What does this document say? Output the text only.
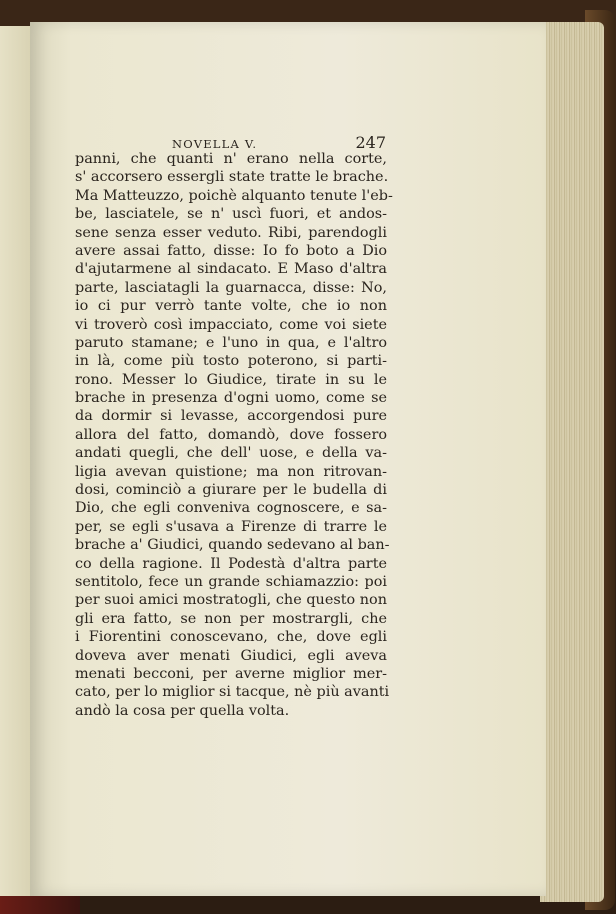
NOVELLA V.	247
panni, che quanti n' erano nella corte,
s' accorsero essergli state tratte le brache.
Ma Matteuzzo, poichè alquanto tenute l'eb-
be, lasciatele, se n' uscì fuori, et andos-
sene senza esser veduto. Ribi, parendogli
avere assai fatto, disse: Io fo boto a Dio
d'ajutarmene al sindacato. E Maso d'altra
parte, lasciatagli la guarnacca, disse: No,
io ci pur verrò tante volte, che io non
vi troverò così impacciato, come voi siete
paruto stamane; e l'uno in qua, e l'altro
in là, come più tosto poterono, si parti-
rono. Messer lo Giudice, tirate in su le
brache in presenza d'ogni uomo, come se
da dormir si levasse, accorgendosi pure
allora del fatto, domandò, dove fossero
andati quegli, che dell' uose, e della va-
ligia avevan quistione; ma non ritrovan-
dosi, cominciò a giurare per le budella di
Dio, che egli conveniva cognoscere, e sa-
per, se egli s'usava a Firenze di trarre le
brache a' Giudici, quando sedevano al ban-
co della ragione. Il Podestà d'altra parte
sentitolo, fece un grande schiamazzio: poi
per suoi amici mostratogli, che questo non
gli era fatto, se non per mostrargli, che
i Fiorentini conoscevano, che, dove egli
doveva aver menati Giudici, egli aveva
menati becconi, per averne miglior mer-
cato, per lo miglior si tacque, nè più avanti
andò la cosa per quella volta.
